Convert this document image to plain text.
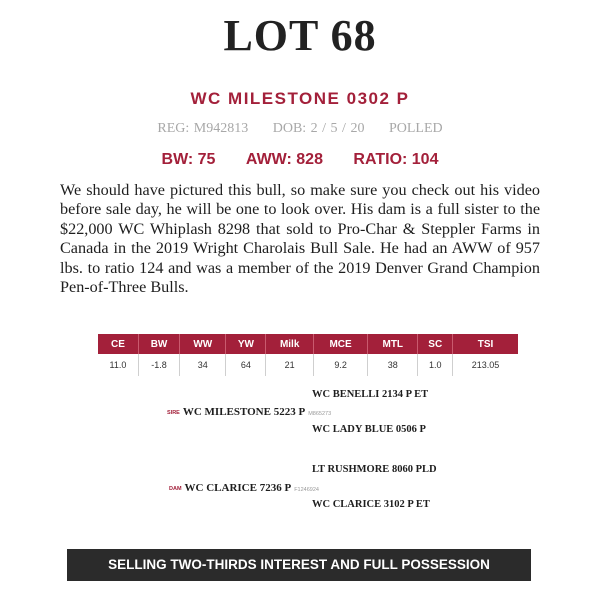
LOT 68
WC MILESTONE 0302 P
REG: M942813 DOB: 2 / 5 / 20 POLLED
BW: 75 AWW: 828 RATIO: 104
We should have pictured this bull, so make sure you check out his video before sale day, he will be one to look over. His dam is a full sister to the $22,000 WC Whiplash 8298 that sold to Pro-Char & Steppler Farms in Canada in the 2019 Wright Charolais Bull Sale. He had an AWW of 957 lbs. to ratio 124 and was a member of the 2019 Denver Grand Champion Pen-of-Three Bulls.
CE	BW	WW	YW	Milk	MCE	MTL	SC	TSI
11.0	-1.8	34	64	21	9.2	38	1.0	213.05
WC BENELLI 2134 P ET
SIRE WC MILESTONE 5223 P M865273
WC LADY BLUE 0506 P
LT RUSHMORE 8060 PLD
DAM WC CLARICE 7236 P F1246924
WC CLARICE 3102 P ET
SELLING TWO-THIRDS INTEREST AND FULL POSSESSION
